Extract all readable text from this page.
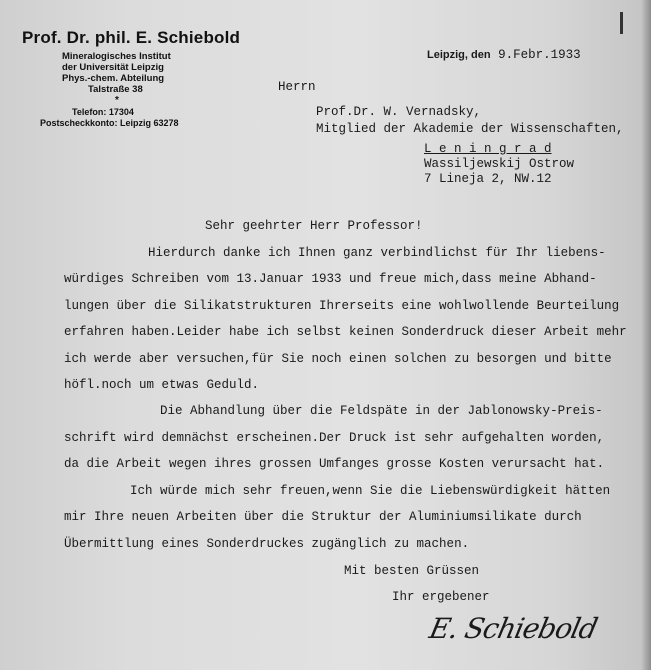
Prof. Dr. phil. E. Schiebold
Mineralogisches Institut
der Universität Leipzig
Phys.-chem. Abteilung
Talstraße 38
*
Telefon: 17304
Postscheckkonto: Leipzig 63278
Leipzig, den 9.Febr.1933
Herrn
Prof.Dr. W. Vernadsky,
Mitglied der Akademie der Wissenschaften,
L e n i n g r a d
Wassiljewskij Ostrow
7 Lineja 2, NW.12
Sehr geehrter Herr Professor!
Hierdurch danke ich Ihnen ganz verbindlichst für Ihr liebens-
würdiges Schreiben vom 13.Januar 1933 und freue mich,dass meine Abhand-
lungen über die Silikatstrukturen Ihrerseits eine wohlwollende Beurteilung
erfahren haben.Leider habe ich selbst keinen Sonderdruck dieser Arbeit mehr
ich werde aber versuchen,für Sie noch einen solchen zu besorgen und bitte
höfl.noch um etwas Geduld.
Die Abhandlung über die Feldspäte in der Jablonowsky-Preis-
schrift wird demnächst erscheinen.Der Druck ist sehr aufgehalten worden,
da die Arbeit wegen ihres grossen Umfanges grosse Kosten verursacht hat.
Ich würde mich sehr freuen,wenn Sie die Liebenswürdigkeit hätten
mir Ihre neuen Arbeiten über die Struktur der Aluminiumsilikate durch
Übermittlung eines Sonderdruckes zugänglich zu machen.
Mit besten Grüssen
Ihr ergebener
E. Schiebold
